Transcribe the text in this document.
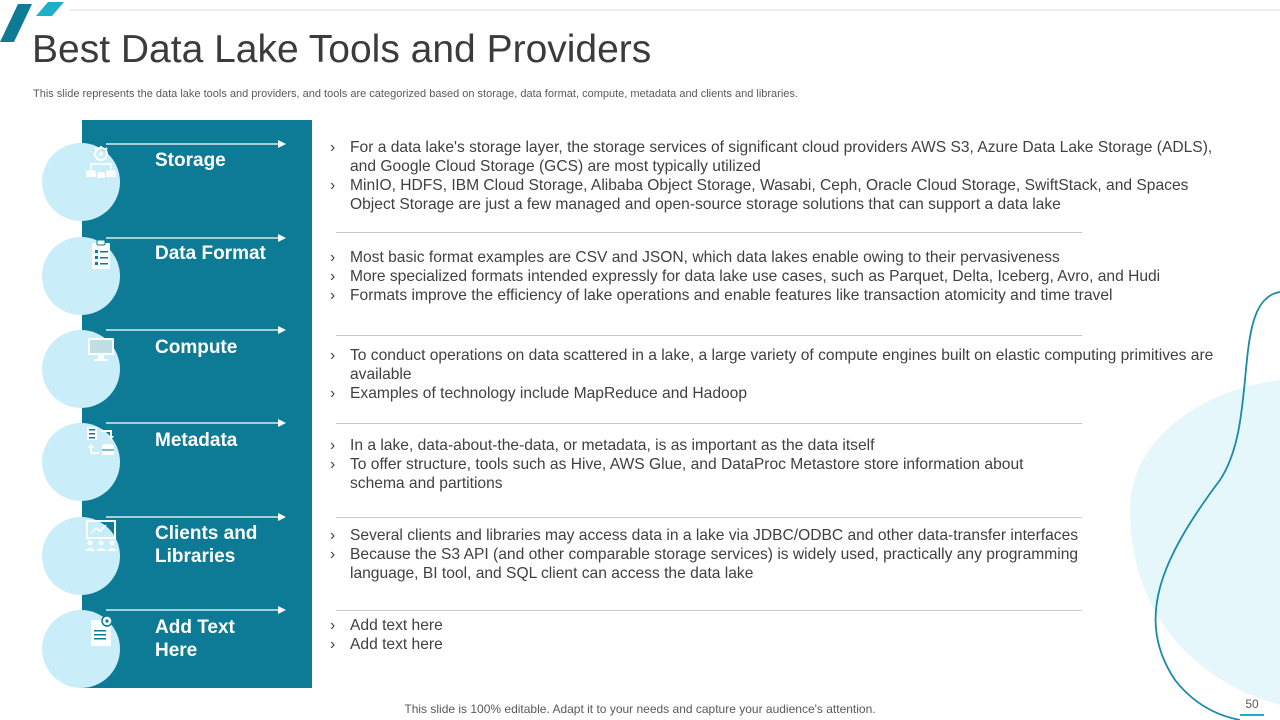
Best Data Lake Tools and Providers
This slide represents the data lake tools and providers, and tools are categorized based on storage, data format, compute, metadata and clients and libraries.
Storage
Data Format
Compute
Metadata
Clients and Libraries
Add Text Here
› For a data lake's storage layer, the storage services of significant cloud providers AWS S3, Azure Data Lake Storage (ADLS), and Google Cloud Storage (GCS) are most typically utilized
› MinIO, HDFS, IBM Cloud Storage, Alibaba Object Storage, Wasabi, Ceph, Oracle Cloud Storage, SwiftStack, and Spaces Object Storage are just a few managed and open-source storage solutions that can support a data lake
› Most basic format examples are CSV and JSON, which data lakes enable owing to their pervasiveness
› More specialized formats intended expressly for data lake use cases, such as Parquet, Delta, Iceberg, Avro, and Hudi
› Formats improve the efficiency of lake operations and enable features like transaction atomicity and time travel
› To conduct operations on data scattered in a lake, a large variety of compute engines built on elastic computing primitives are available
› Examples of technology include MapReduce and Hadoop
› In a lake, data-about-the-data, or metadata, is as important as the data itself
› To offer structure, tools such as Hive, AWS Glue, and DataProc Metastore store information about schema and partitions
› Several clients and libraries may access data in a lake via JDBC/ODBC and other data-transfer interfaces
› Because the S3 API (and other comparable storage services) is widely used, practically any programming language, BI tool, and SQL client can access the data lake
› Add text here
› Add text here
This slide is 100% editable. Adapt it to your needs and capture your audience's attention.	50
